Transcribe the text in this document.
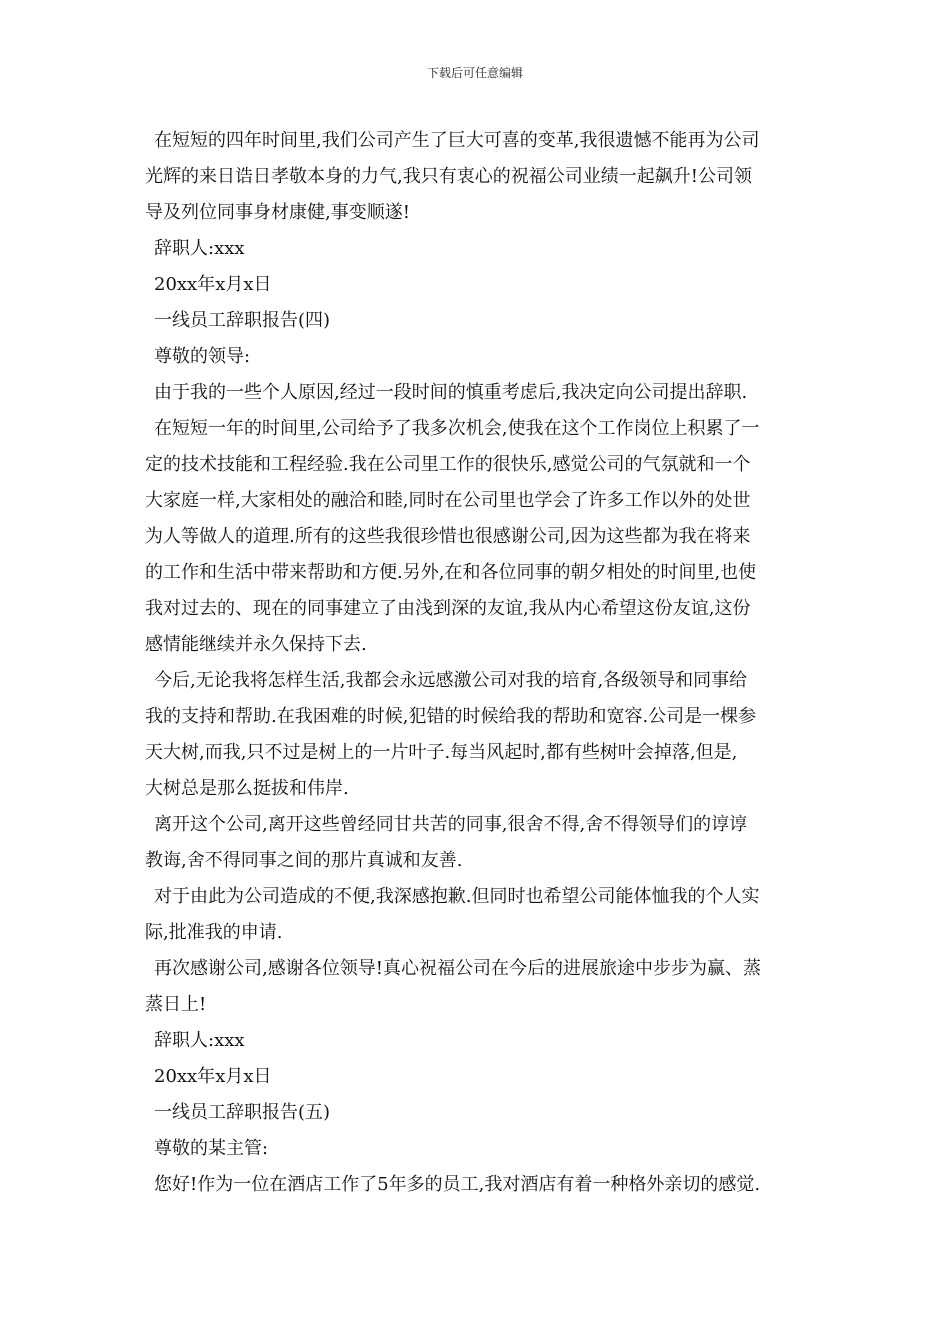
下载后可任意编辑
在短短的四年时间里,我们公司产生了巨大可喜的变革,我很遗憾不能再为公司
光辉的来日诰日孝敬本身的力气,我只有衷心的祝福公司业绩一起飙升!公司领
导及列位同事身材康健,事变顺遂!
辞职人:xxx
20xx年x月x日
一线员工辞职报告(四)
尊敬的领导:
由于我的一些个人原因,经过一段时间的慎重考虑后,我决定向公司提出辞职.
在短短一年的时间里,公司给予了我多次机会,使我在这个工作岗位上积累了一
定的技术技能和工程经验.我在公司里工作的很快乐,感觉公司的气氛就和一个
大家庭一样,大家相处的融洽和睦,同时在公司里也学会了许多工作以外的处世
为人等做人的道理.所有的这些我很珍惜也很感谢公司,因为这些都为我在将来
的工作和生活中带来帮助和方便.另外,在和各位同事的朝夕相处的时间里,也使
我对过去的、现在的同事建立了由浅到深的友谊,我从内心希望这份友谊,这份
感情能继续并永久保持下去.
今后,无论我将怎样生活,我都会永远感激公司对我的培育,各级领导和同事给
我的支持和帮助.在我困难的时候,犯错的时候给我的帮助和宽容.公司是一棵参
天大树,而我,只不过是树上的一片叶子.每当风起时,都有些树叶会掉落,但是,
大树总是那么挺拔和伟岸.
离开这个公司,离开这些曾经同甘共苦的同事,很舍不得,舍不得领导们的谆谆
教诲,舍不得同事之间的那片真诚和友善.
对于由此为公司造成的不便,我深感抱歉.但同时也希望公司能体恤我的个人实
际,批准我的申请.
再次感谢公司,感谢各位领导!真心祝福公司在今后的进展旅途中步步为赢、蒸
蒸日上!
辞职人:xxx
20xx年x月x日
一线员工辞职报告(五)
尊敬的某主管:
您好!作为一位在酒店工作了5年多的员工,我对酒店有着一种格外亲切的感觉.
